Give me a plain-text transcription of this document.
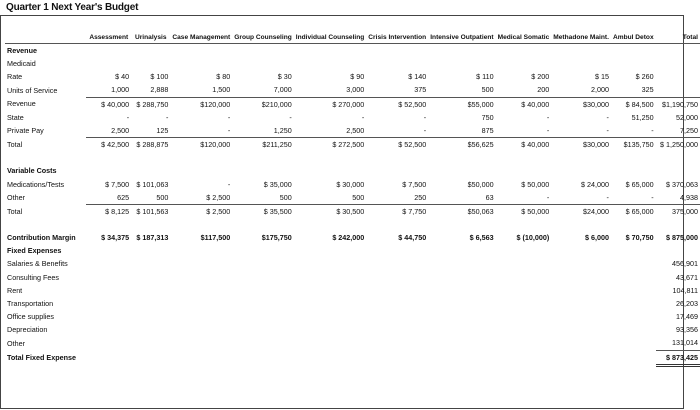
Quarter 1 Next Year's Budget
	Assessment	Urinalysis	Case Management	Group Counseling	Individual Counseling	Crisis Intervention	Intensive Outpatient	Medical Somatic	Methadone Maint.	Ambul Detox	Total
Revenue											
Medicaid											
Rate	$ 40	$ 100	$ 80	$ 30	$ 90	$ 140	$ 110	$ 200	$ 15	$ 260	
Units of Service	1,000	2,888	1,500	7,000	3,000	375	500	200	2,000	325	
Revenue	$ 40,000	$ 288,750	$120,000	$210,000	$ 270,000	$ 52,500	$55,000	$ 40,000	$30,000	$ 84,500	$1,190,750
State	-	-	-	-	-	-	750	-	-	51,250	52,000
Private Pay	2,500	125	-	1,250	2,500	-	875	-	-	-	7,250
Total	$ 42,500	$ 288,875	$120,000	$211,250	$ 272,500	$ 52,500	$56,625	$ 40,000	$30,000	$135,750	$ 1,250,000

Variable Costs											
Medications/Tests	$ 7,500	$ 101,063	-	$ 35,000	$ 30,000	$ 7,500	$50,000	$ 50,000	$ 24,000	$ 65,000	$ 370,063
Other	625	500	$ 2,500	500	500	250	63	-	-	-	4,938
Total	$ 8,125	$ 101,563	$ 2,500	$ 35,500	$ 30,500	$ 7,750	$50,063	$ 50,000	$24,000	$ 65,000	375,000

Contribution Margin	$ 34,375	$ 187,313	$117,500	$175,750	$ 242,000	$ 44,750	$ 6,563	$ (10,000)	$ 6,000	$ 70,750	$ 875,000
Fixed Expenses											
Salaries & Benefits											456,901
Consulting Fees											43,671
Rent											104,811
Transportation											26,203
Office supplies											17,469
Depreciation											93,356
Other											131,014
Total Fixed Expense											$ 873,425
